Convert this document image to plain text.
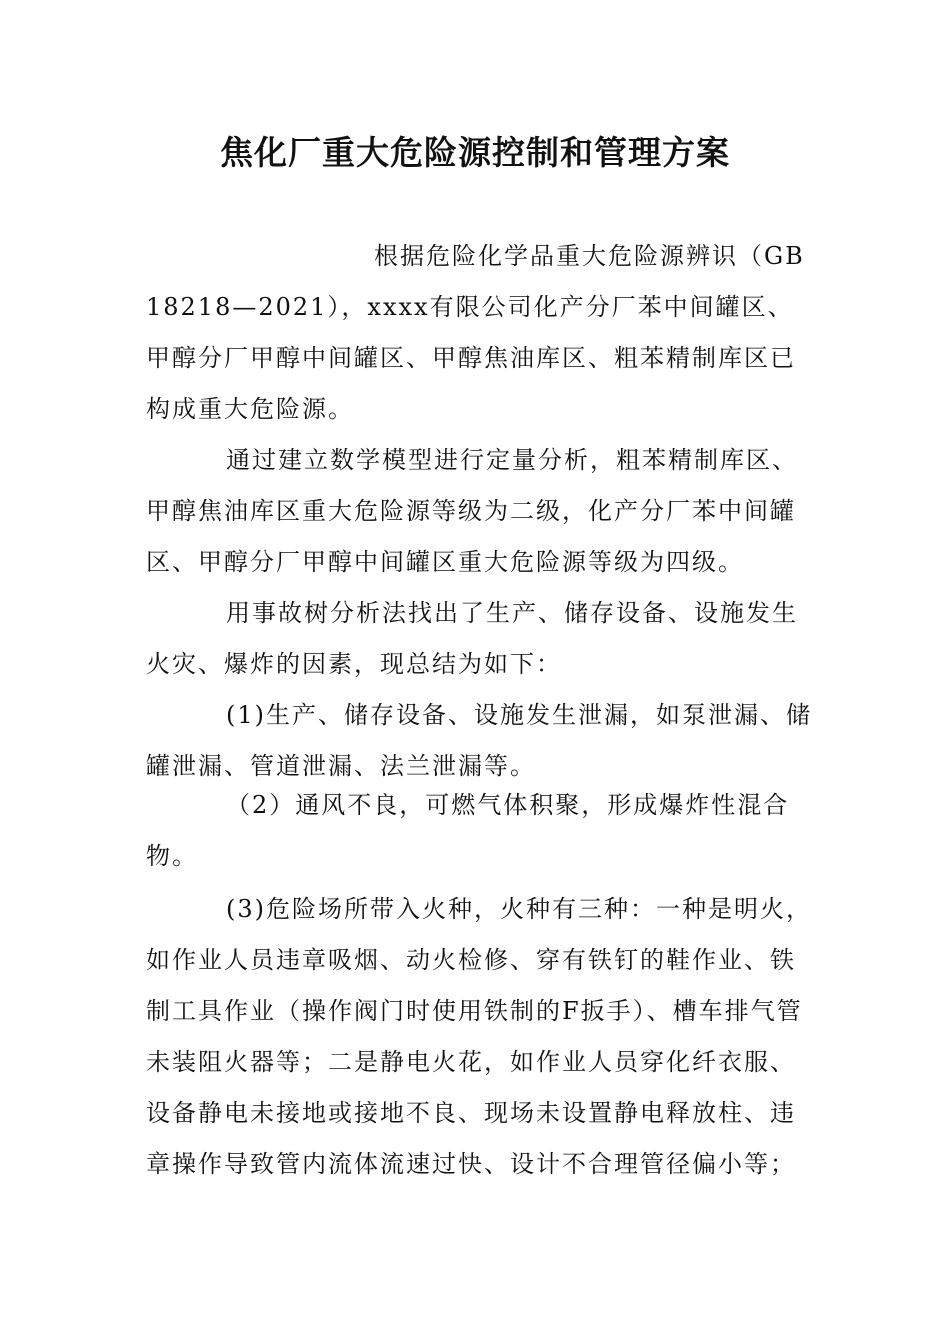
焦化厂重大危险源控制和管理方案

根据危险化学品重大危险源辨识（GB 18218—2021），xxxx有限公司化产分厂苯中间罐区、甲醇分厂甲醇中间罐区、甲醇焦油库区、粗苯精制库区已构成重大危险源。

通过建立数学模型进行定量分析，粗苯精制库区、甲醇焦油库区重大危险源等级为二级，化产分厂苯中间罐区、甲醇分厂甲醇中间罐区重大危险源等级为四级。

用事故树分析法找出了生产、储存设备、设施发生火灾、爆炸的因素，现总结为如下：

(1)生产、储存设备、设施发生泄漏，如泵泄漏、储罐泄漏、管道泄漏、法兰泄漏等。

（2）通风不良，可燃气体积聚，形成爆炸性混合物。

(3)危险场所带入火种，火种有三种：一种是明火，如作业人员违章吸烟、动火检修、穿有铁钉的鞋作业、铁制工具作业（操作阀门时使用铁制的F扳手）、槽车排气管未装阻火器等；二是静电火花，如作业人员穿化纤衣服、设备静电未接地或接地不良、现场未设置静电释放柱、违章操作导致管内流体流速过快、设计不合理管径偏小等；
